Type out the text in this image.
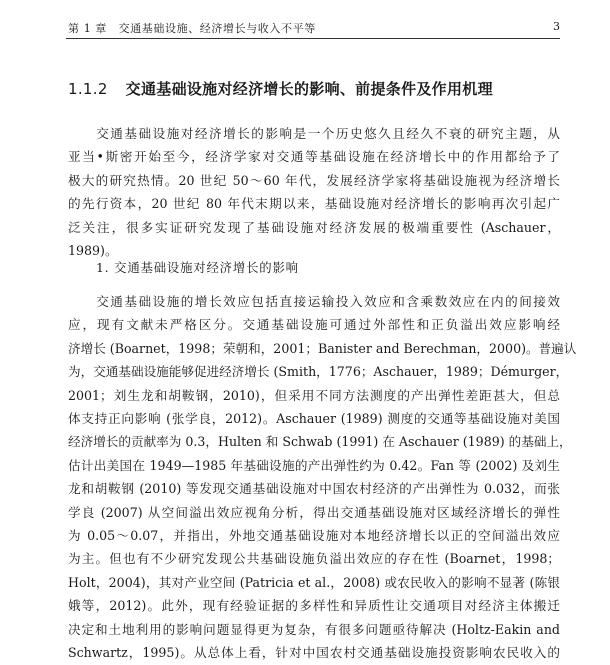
第 1 章　交通基础设施、经济增长与收入不平等	3
1.1.2 交通基础设施对经济增长的影响、前提条件及作用机理
　　交通基础设施对经济增长的影响是一个历史悠久且经久不衰的研究主题，从
亚当•斯密开始至今，经济学家对交通等基础设施在经济增长中的作用都给予了
极大的研究热情。20 世纪 50～60 年代，发展经济学家将基础设施视为经济增长
的先行资本，20 世纪 80 年代末期以来，基础设施对经济增长的影响再次引起广
泛关注，很多实证研究发现了基础设施对经济发展的极端重要性 (Aschauer，
1989)。
1. 交通基础设施对经济增长的影响
　　交通基础设施的增长效应包括直接运输投入效应和含乘数效应在内的间接效
应，现有文献未严格区分。交通基础设施可通过外部性和正负溢出效应影响经
济增长 (Boarnet，1998；荣朝和，2001；Banister and Berechman，2000)。普遍认
为，交通基础设施能够促进经济增长 (Smith，1776；Aschauer，1989；Démurger，
2001；刘生龙和胡鞍钢，2010)，但采用不同方法测度的产出弹性差距甚大，但总
体支持正向影响 (张学良，2012)。Aschauer (1989) 测度的交通等基础设施对美国
经济增长的贡献率为 0.3，Hulten 和 Schwab (1991) 在 Aschauer (1989) 的基础上，
估计出美国在 1949—1985 年基础设施的产出弹性约为 0.42。Fan 等 (2002) 及刘生
龙和胡鞍钢 (2010) 等发现交通基础设施对中国农村经济的产出弹性为 0.032，而张
学良 (2007) 从空间溢出效应视角分析，得出交通基础设施对区域经济增长的弹性
为 0.05～0.07，并指出，外地交通基础设施对本地经济增长以正的空间溢出效应
为主。但也有不少研究发现公共基础设施负溢出效应的存在性 (Boarnet，1998；
Holt，2004)，其对产业空间 (Patricia et al.，2008) 或农民收入的影响不显著 (陈银
娥等，2012)。此外，现有经验证据的多样性和异质性让交通项目对经济主体搬迁
决定和土地利用的影响问题显得更为复杂，有很多问题亟待解决 (Holtz-Eakin and
Schwartz，1995)。从总体上看，针对中国农村交通基础设施投资影响农民收入的
